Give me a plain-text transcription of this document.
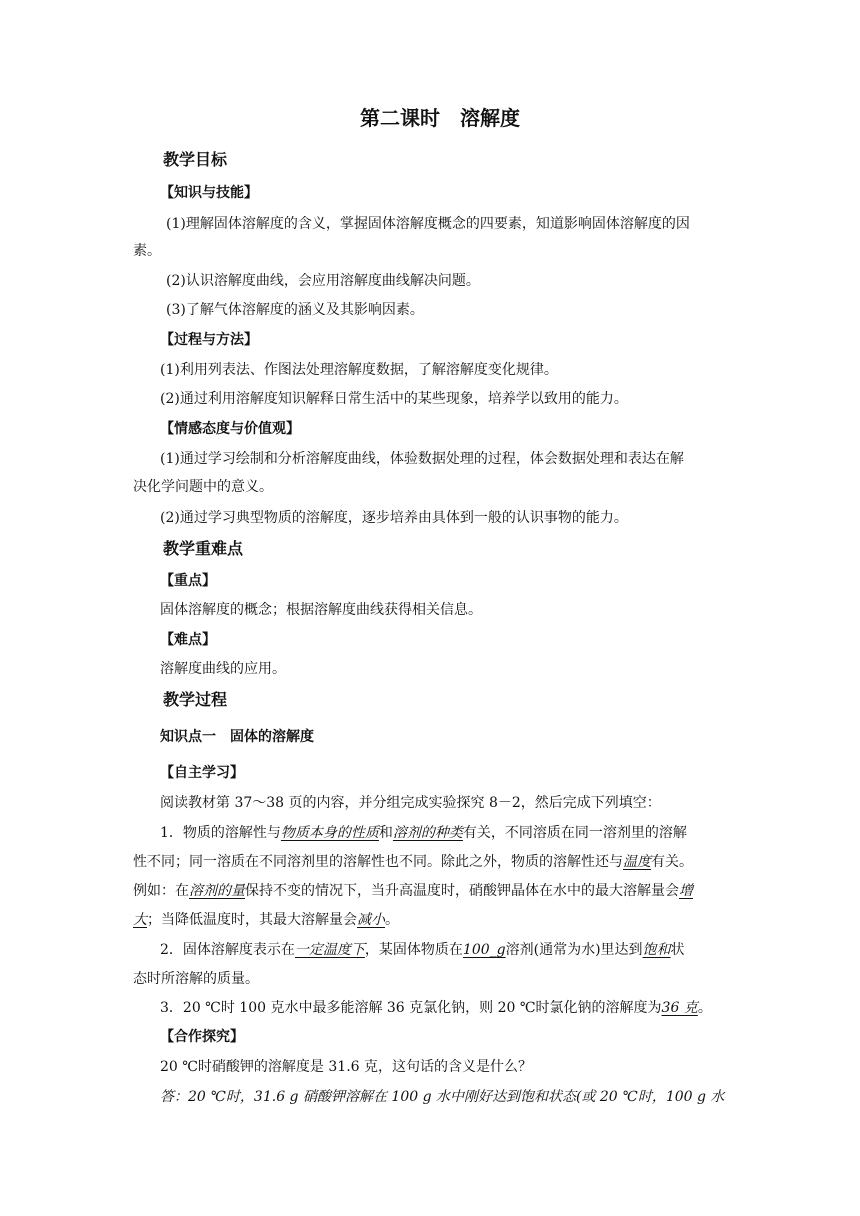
第二课时　溶解度
教学目标
【知识与技能】
(1)理解固体溶解度的含义，掌握固体溶解度概念的四要素，知道影响固体溶解度的因
素。
(2)认识溶解度曲线，会应用溶解度曲线解决问题。
(3)了解气体溶解度的涵义及其影响因素。
【过程与方法】
(1)利用列表法、作图法处理溶解度数据，了解溶解度变化规律。
(2)通过利用溶解度知识解释日常生活中的某些现象，培养学以致用的能力。
【情感态度与价值观】
(1)通过学习绘制和分析溶解度曲线，体验数据处理的过程，体会数据处理和表达在解
决化学问题中的意义。
(2)通过学习典型物质的溶解度，逐步培养由具体到一般的认识事物的能力。
教学重难点
【重点】
固体溶解度的概念；根据溶解度曲线获得相关信息。
【难点】
溶解度曲线的应用。
教学过程
知识点一　固体的溶解度
【自主学习】
阅读教材第 37～38 页的内容，并分组完成实验探究 8－2，然后完成下列填空：
1．物质的溶解性与物质本身的性质和溶剂的种类有关，不同溶质在同一溶剂里的溶解
性不同；同一溶质在不同溶剂里的溶解性也不同。除此之外，物质的溶解性还与温度有关。
例如：在溶剂的量保持不变的情况下，当升高温度时，硝酸钾晶体在水中的最大溶解量会增
大；当降低温度时，其最大溶解量会减小。
2．固体溶解度表示在一定温度下，某固体物质在100_g溶剂(通常为水)里达到饱和状
态时所溶解的质量。
3．20 ℃时 100 克水中最多能溶解 36 克氯化钠，则 20 ℃时氯化钠的溶解度为36 克。
【合作探究】
20 ℃时硝酸钾的溶解度是 31.6 克，这句话的含义是什么？
答：20 ℃时，31.6 g 硝酸钾溶解在 100 g 水中刚好达到饱和状态(或 20 ℃时，100 g 水
